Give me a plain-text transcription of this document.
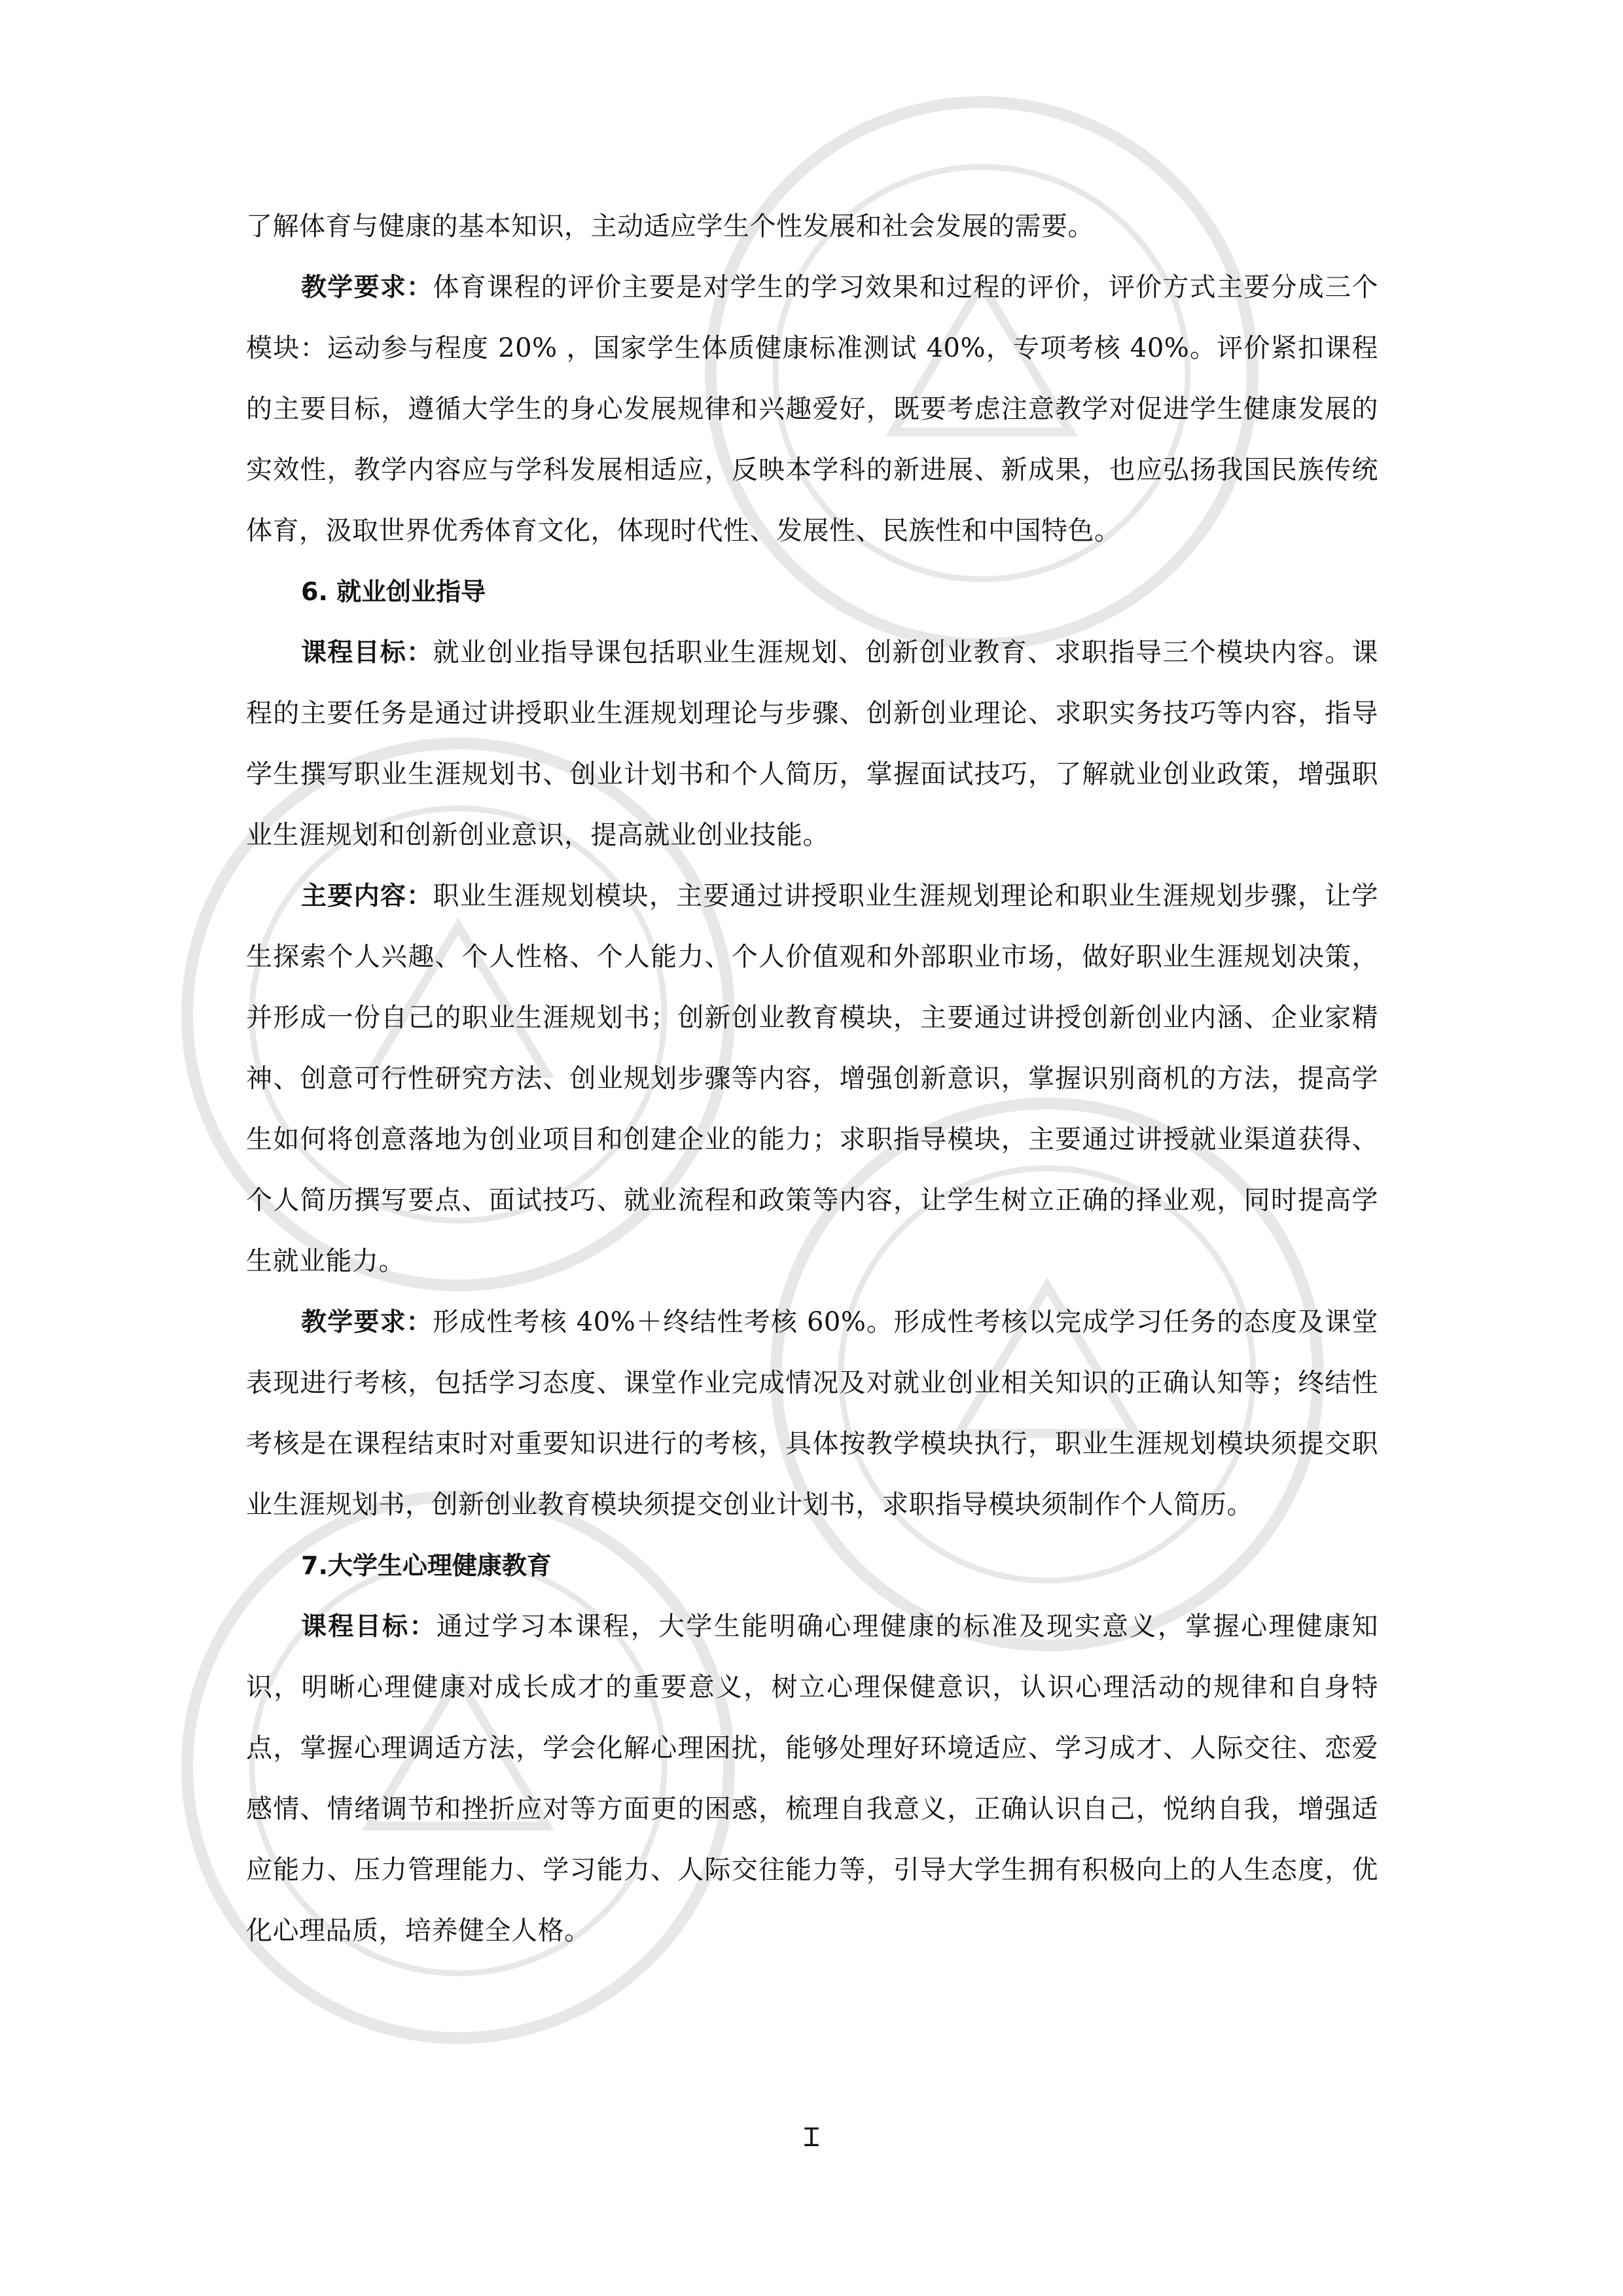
了解体育与健康的基本知识，主动适应学生个性发展和社会发展的需要。

教学要求：体育课程的评价主要是对学生的学习效果和过程的评价，评价方式主要分成三个模块：运动参与程度 20% ，国家学生体质健康标准测试 40%，专项考核 40%。评价紧扣课程的主要目标，遵循大学生的身心发展规律和兴趣爱好，既要考虑注意教学对促进学生健康发展的实效性，教学内容应与学科发展相适应，反映本学科的新进展、新成果，也应弘扬我国民族传统体育，汲取世界优秀体育文化，体现时代性、发展性、民族性和中国特色。

6. 就业创业指导

课程目标：就业创业指导课包括职业生涯规划、创新创业教育、求职指导三个模块内容。课程的主要任务是通过讲授职业生涯规划理论与步骤、创新创业理论、求职实务技巧等内容，指导学生撰写职业生涯规划书、创业计划书和个人简历，掌握面试技巧，了解就业创业政策，增强职业生涯规划和创新创业意识，提高就业创业技能。

主要内容：职业生涯规划模块，主要通过讲授职业生涯规划理论和职业生涯规划步骤，让学生探索个人兴趣、个人性格、个人能力、个人价值观和外部职业市场，做好职业生涯规划决策，并形成一份自己的职业生涯规划书；创新创业教育模块，主要通过讲授创新创业内涵、企业家精神、创意可行性研究方法、创业规划步骤等内容，增强创新意识，掌握识别商机的方法，提高学生如何将创意落地为创业项目和创建企业的能力；求职指导模块，主要通过讲授就业渠道获得、个人简历撰写要点、面试技巧、就业流程和政策等内容，让学生树立正确的择业观，同时提高学生就业能力。

教学要求：形成性考核 40%＋终结性考核 60%。形成性考核以完成学习任务的态度及课堂表现进行考核，包括学习态度、课堂作业完成情况及对就业创业相关知识的正确认知等；终结性考核是在课程结束时对重要知识进行的考核，具体按教学模块执行，职业生涯规划模块须提交职业生涯规划书，创新创业教育模块须提交创业计划书，求职指导模块须制作个人简历。

7.大学生心理健康教育

课程目标：通过学习本课程，大学生能明确心理健康的标准及现实意义，掌握心理健康知识，明晰心理健康对成长成才的重要意义，树立心理保健意识，认识心理活动的规律和自身特点，掌握心理调适方法，学会化解心理困扰，能够处理好环境适应、学习成才、人际交往、恋爱感情、情绪调节和挫折应对等方面更的困惑，梳理自我意义，正确认识自己，悦纳自我，增强适应能力、压力管理能力、学习能力、人际交往能力等，引导大学生拥有积极向上的人生态度，优化心理品质，培养健全人格。

Ɪ
